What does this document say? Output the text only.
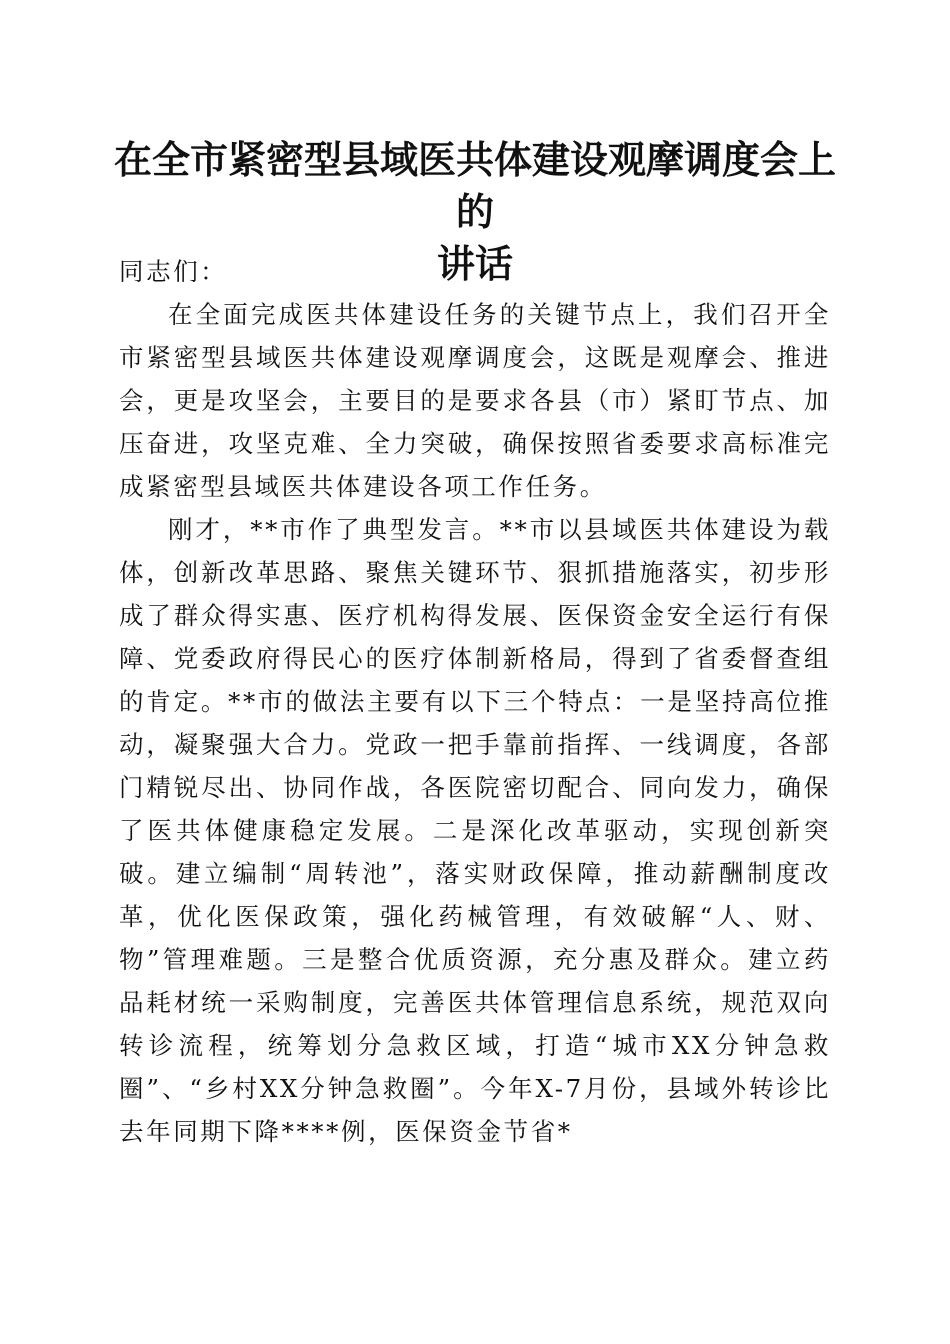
在全市紧密型县域医共体建设观摩调度会上的
讲话

同志们：

在全面完成医共体建设任务的关键节点上，我们召开全市紧密型县域医共体建设观摩调度会，这既是观摩会、推进会，更是攻坚会，主要目的是要求各县（市）紧盯节点、加压奋进，攻坚克难、全力突破，确保按照省委要求高标准完成紧密型县域医共体建设各项工作任务。

刚才，**市作了典型发言。**市以县域医共体建设为载体，创新改革思路、聚焦关键环节、狠抓措施落实，初步形成了群众得实惠、医疗机构得发展、医保资金安全运行有保障、党委政府得民心的医疗体制新格局，得到了省委督查组的肯定。**市的做法主要有以下三个特点：一是坚持高位推动，凝聚强大合力。党政一把手靠前指挥、一线调度，各部门精锐尽出、协同作战，各医院密切配合、同向发力，确保了医共体健康稳定发展。二是深化改革驱动，实现创新突破。建立编制“周转池”，落实财政保障，推动薪酬制度改革，优化医保政策，强化药械管理，有效破解“人、财、物”管理难题。三是整合优质资源，充分惠及群众。建立药品耗材统一采购制度，完善医共体管理信息系统，规范双向转诊流程，统筹划分急救区域，打造“城市XX分钟急救圈”、“乡村XX分钟急救圈”。今年X-7月份，县域外转诊比去年同期下降****例，医保资金节省*
